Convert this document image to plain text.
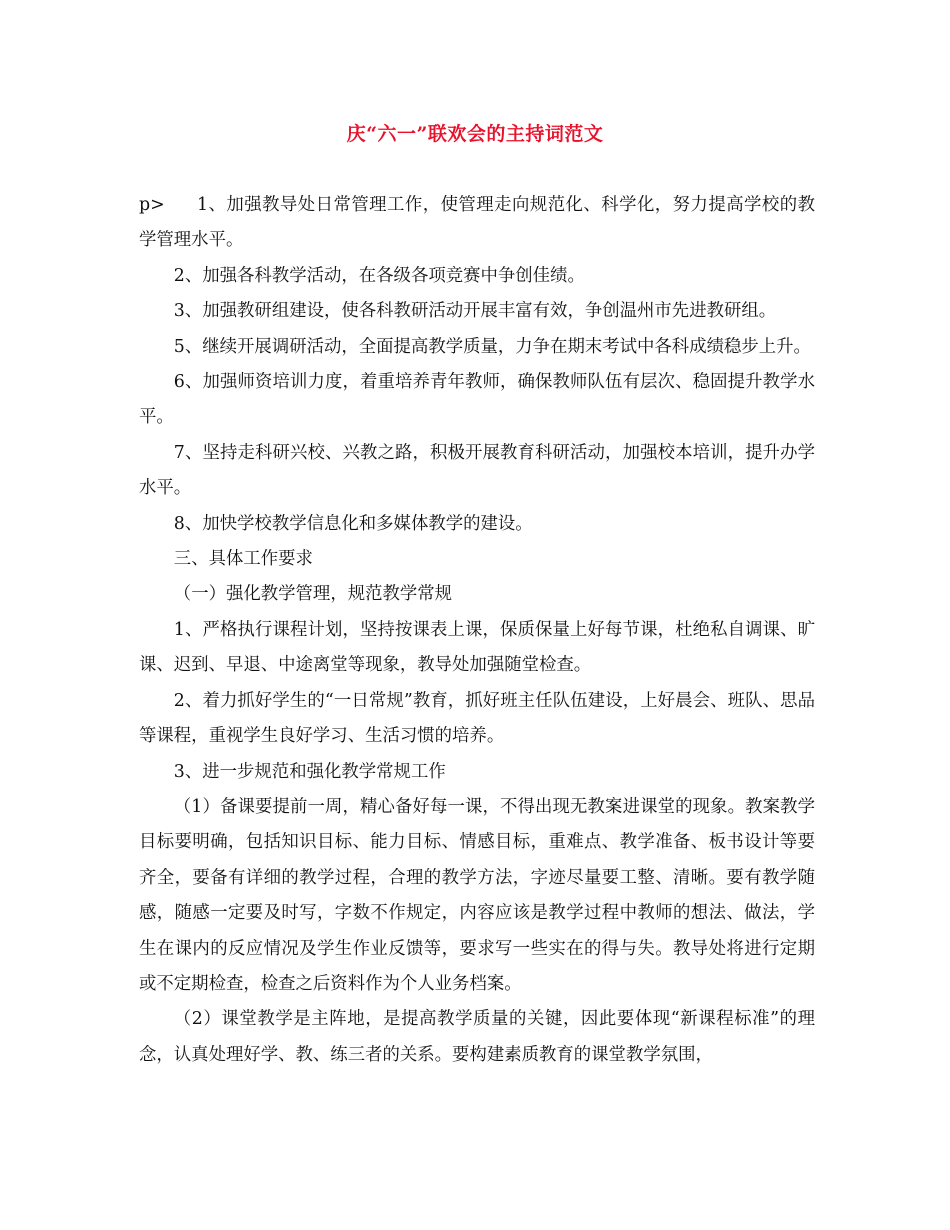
庆“六一”联欢会的主持词范文

p> 1、加强教导处日常管理工作，使管理走向规范化、科学化，努力提高学校的教学管理水平。

2、加强各科教学活动，在各级各项竞赛中争创佳绩。

3、加强教研组建设，使各科教研活动开展丰富有效，争创温州市先进教研组。

5、继续开展调研活动，全面提高教学质量，力争在期末考试中各科成绩稳步上升。

6、加强师资培训力度，着重培养青年教师，确保教师队伍有层次、稳固提升教学水平。

7、坚持走科研兴校、兴教之路，积极开展教育科研活动，加强校本培训，提升办学水平。

8、加快学校教学信息化和多媒体教学的建设。

三、具体工作要求

（一）强化教学管理，规范教学常规

1、严格执行课程计划，坚持按课表上课，保质保量上好每节课，杜绝私自调课、旷课、迟到、早退、中途离堂等现象，教导处加强随堂检查。

2、着力抓好学生的“一日常规”教育，抓好班主任队伍建设，上好晨会、班队、思品等课程，重视学生良好学习、生活习惯的培养。

3、进一步规范和强化教学常规工作

（1）备课要提前一周，精心备好每一课，不得出现无教案进课堂的现象。教案教学目标要明确，包括知识目标、能力目标、情感目标，重难点、教学准备、板书设计等要齐全，要备有详细的教学过程，合理的教学方法，字迹尽量要工整、清晰。要有教学随感，随感一定要及时写，字数不作规定，内容应该是教学过程中教师的想法、做法，学生在课内的反应情况及学生作业反馈等，要求写一些实在的得与失。教导处将进行定期或不定期检查，检查之后资料作为个人业务档案。

（2）课堂教学是主阵地，是提高教学质量的关键，因此要体现“新课程标准”的理念，认真处理好学、教、练三者的关系。要构建素质教育的课堂教学氛围，
